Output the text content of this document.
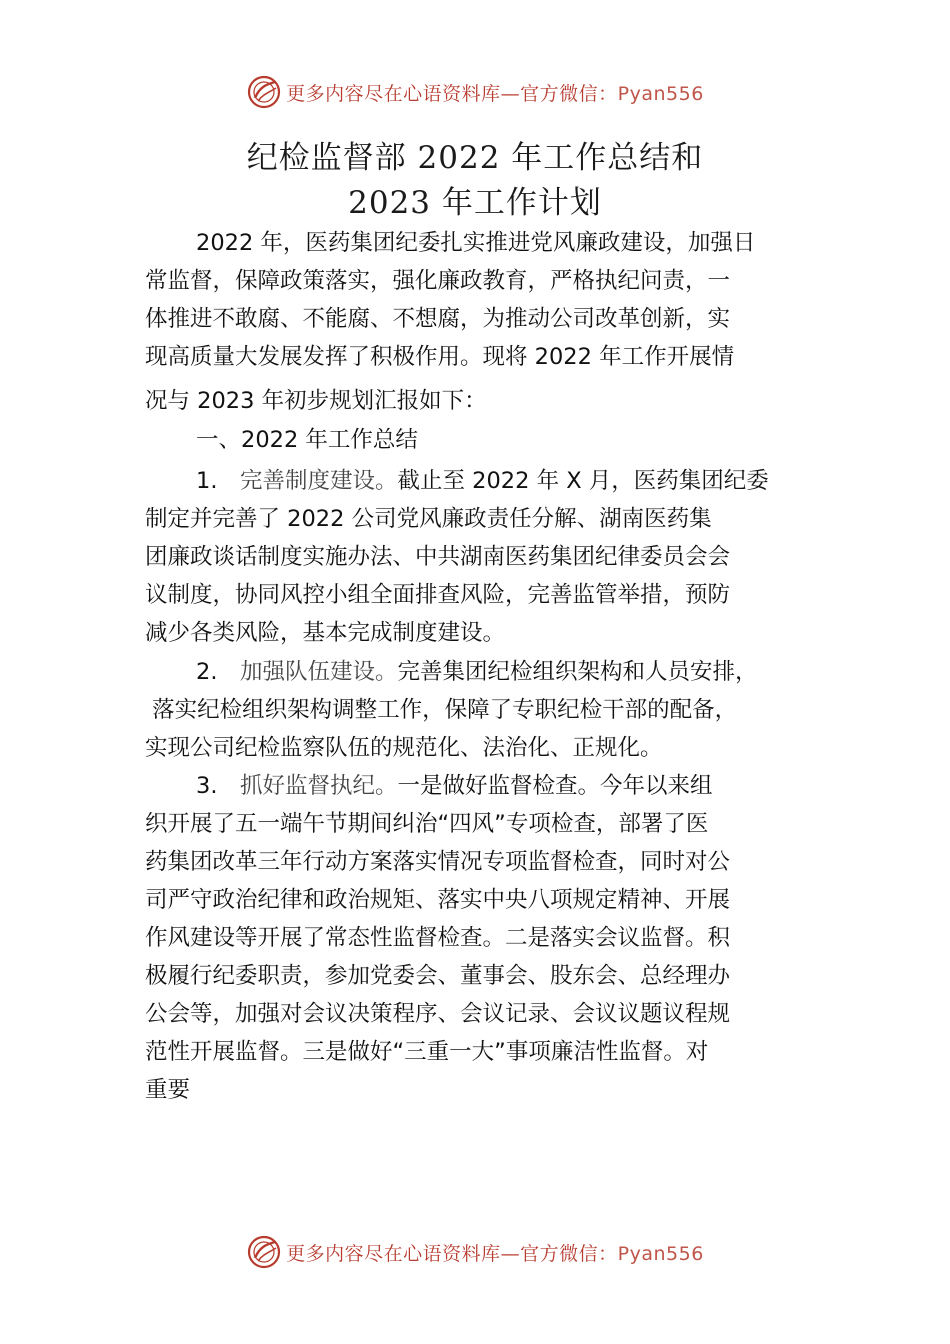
更多内容尽在心语资料库—官方微信：Pyan556
纪检监督部 2022 年工作总结和
2023 年工作计划
2022 年，医药集团纪委扎实推进党风廉政建设，加强日
常监督，保障政策落实，强化廉政教育，严格执纪问责，一
体推进不敢腐、不能腐、不想腐，为推动公司改革创新，实
现高质量大发展发挥了积极作用。现将 2022 年工作开展情
况与 2023 年初步规划汇报如下：
一、2022 年工作总结
1. 完善制度建设。截止至 2022 年 X 月，医药集团纪委
制定并完善了 2022 公司党风廉政责任分解、湖南医药集
团廉政谈话制度实施办法、中共湖南医药集团纪律委员会会
议制度，协同风控小组全面排查风险，完善监管举措，预防
减少各类风险，基本完成制度建设。
2. 加强队伍建设。完善集团纪检组织架构和人员安排，
落实纪检组织架构调整工作，保障了专职纪检干部的配备，
实现公司纪检监察队伍的规范化、法治化、正规化。
3. 抓好监督执纪。一是做好监督检查。今年以来组
织开展了五一端午节期间纠治“四风”专项检查，部署了医
药集团改革三年行动方案落实情况专项监督检查，同时对公
司严守政治纪律和政治规矩、落实中央八项规定精神、开展
作风建设等开展了常态性监督检查。二是落实会议监督。积
极履行纪委职责，参加党委会、董事会、股东会、总经理办
公会等，加强对会议决策程序、会议记录、会议议题议程规
范性开展监督。三是做好“三重一大”事项廉洁性监督。对
重要
更多内容尽在心语资料库—官方微信：Pyan556
